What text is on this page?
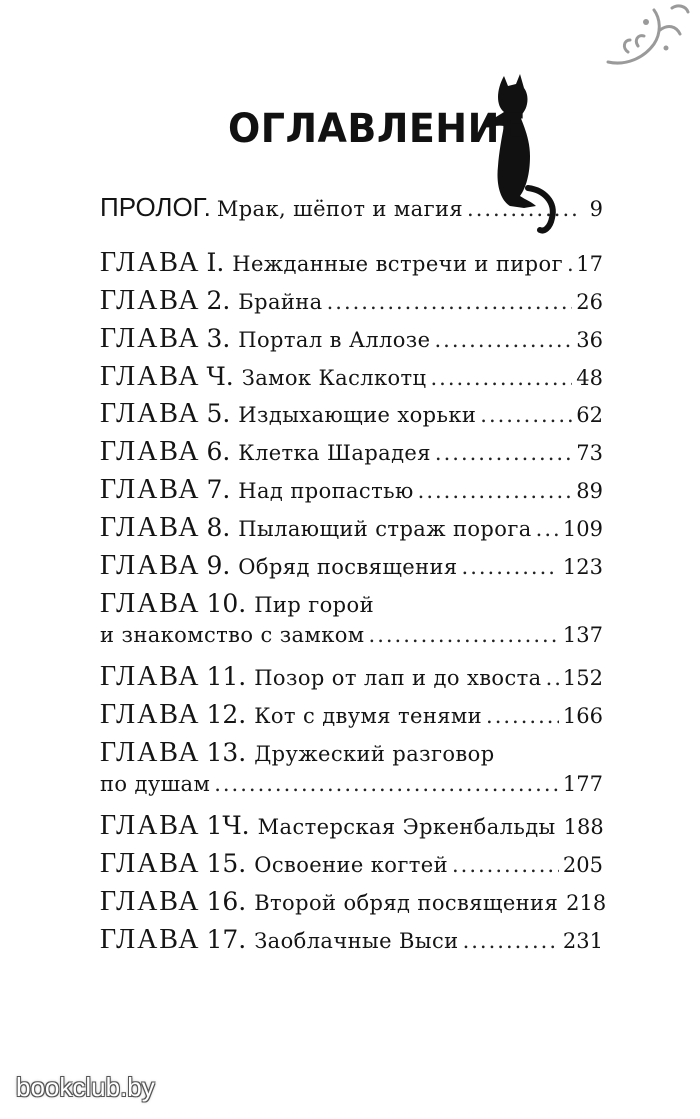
ОГЛАВЛЕНИЕ
ПРОЛОГ. Мрак, шёпот и магия .....	9
ГЛАВА I. Нежданные встречи и пирог ..... 17
ГЛАВА 2. Брайна .....	26
ГЛАВА 3. Портал в Аллозе .....	36
ГЛАВА Ч. Замок Каслкотц .....	48
ГЛАВА 5. Издыхающие хорьки .....	62
ГЛАВА 6. Клетка Шарадея .....	73
ГЛАВА 7. Над пропастью .....	89
ГЛАВА 8. Пылающий страж порога ..... 109
ГЛАВА 9. Обряд посвящения .....	123
ГЛАВА 10. Пир горой
и знакомство с замком .....	137
ГЛАВА 11. Позор от лап и до хвоста ..... 152
ГЛАВА 12. Кот с двумя тенями .....	166
ГЛАВА 13. Дружеский разговор
по душам .....	177
ГЛАВА 1Ч. Мастерская Эркенбальды 188
ГЛАВА 15. Освоение когтей .....	205
ГЛАВА 16. Второй обряд посвящения 218
ГЛАВА 17. Заоблачные Выси .....	231
bookclub.by
